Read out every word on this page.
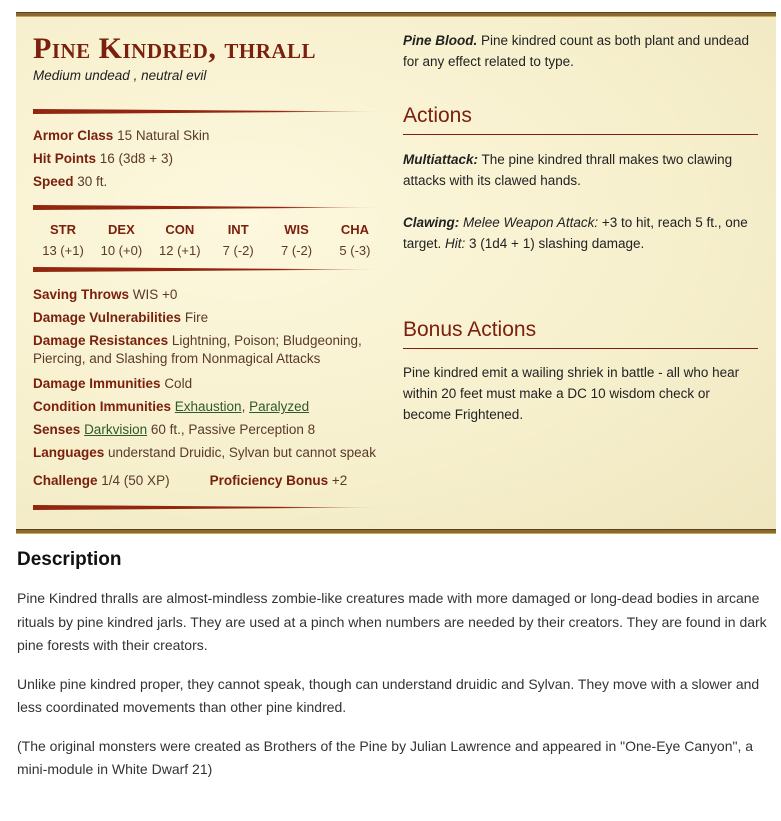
Pine Kindred, thrall
Medium undead , neutral evil
Armor Class 15 Natural Skin
Hit Points 16 (3d8 + 3)
Speed 30 ft.
STR
13 (+1)
DEX
10 (+0)
CON
12 (+1)
INT
7 (-2)
WIS
7 (-2)
CHA
5 (-3)
Saving Throws WIS +0
Damage Vulnerabilities Fire
Damage Resistances Lightning, Poison; Bludgeoning, Piercing, and Slashing from Nonmagical Attacks
Damage Immunities Cold
Condition Immunities Exhaustion, Paralyzed
Senses Darkvision 60 ft., Passive Perception 8
Languages understand Druidic, Sylvan but cannot speak
Challenge 1/4 (50 XP)	Proficiency Bonus +2
Pine Blood. Pine kindred count as both plant and undead for any effect related to type.
Actions
Multiattack: The pine kindred thrall makes two clawing attacks with its clawed hands.
Clawing: Melee Weapon Attack: +3 to hit, reach 5 ft., one target. Hit: 3 (1d4 + 1) slashing damage.
Bonus Actions
Pine kindred emit a wailing shriek in battle - all who hear within 20 feet must make a DC 10 wisdom check or become Frightened.
Description

Pine Kindred thralls are almost-mindless zombie-like creatures made with more damaged or long-dead bodies in arcane rituals by pine kindred jarls. They are used at a pinch when numbers are needed by their creators. They are found in dark pine forests with their creators.

Unlike pine kindred proper, they cannot speak, though can understand druidic and Sylvan. They move with a slower and less coordinated movements than other pine kindred.

(The original monsters were created as Brothers of the Pine by Julian Lawrence and appeared in "One-Eye Canyon", a mini-module in White Dwarf 21)
